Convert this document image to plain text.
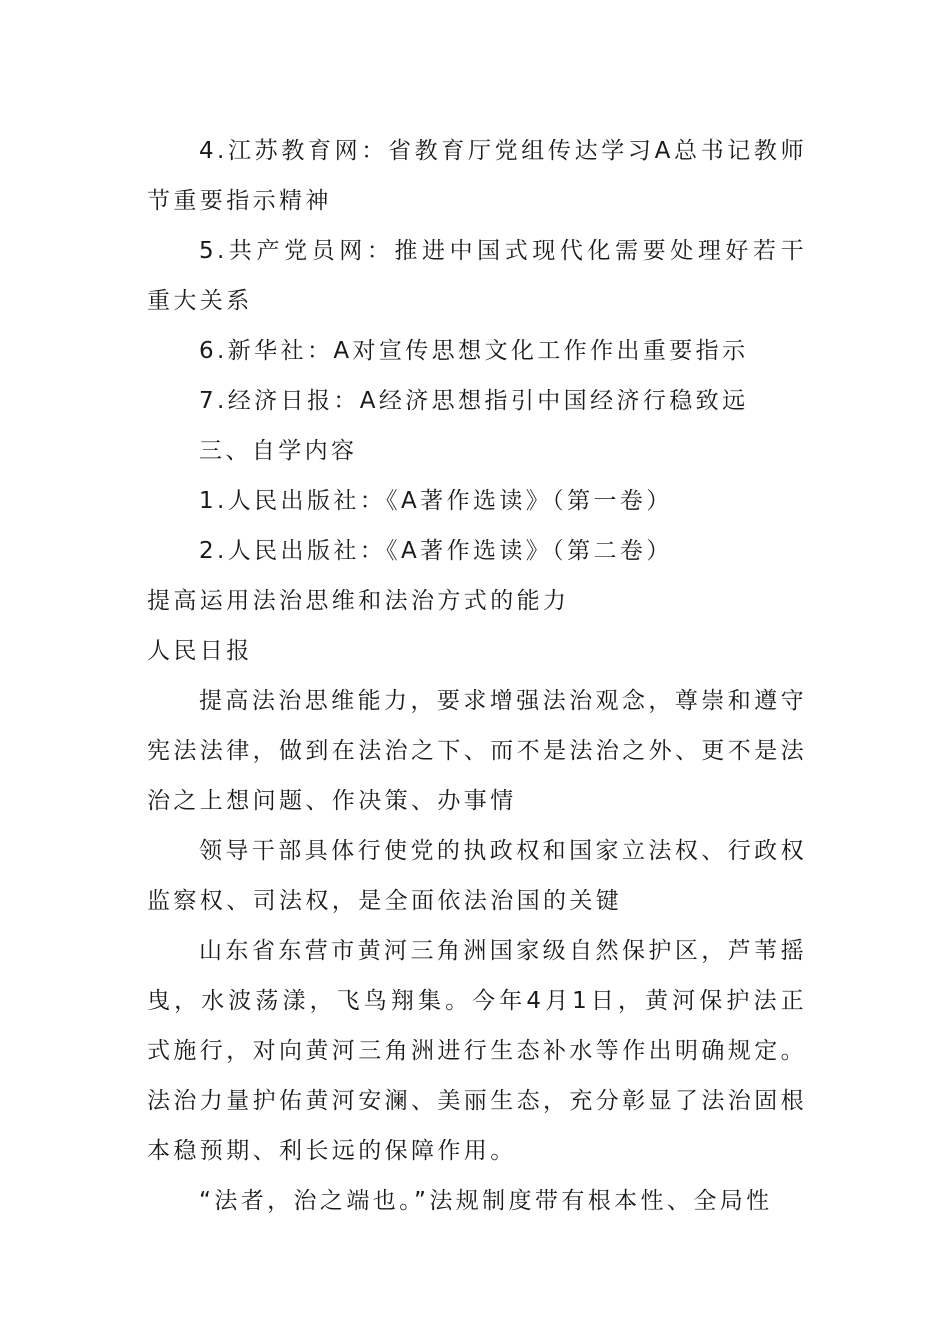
4.江苏教育网：省教育厅党组传达学习A总书记教师节重要指示精神

5.共产党员网：推进中国式现代化需要处理好若干重大关系

6.新华社：A对宣传思想文化工作作出重要指示

7.经济日报：A经济思想指引中国经济行稳致远

三、自学内容

1.人民出版社：《A著作选读》（第一卷）

2.人民出版社：《A著作选读》（第二卷）

提高运用法治思维和法治方式的能力

人民日报

提高法治思维能力，要求增强法治观念，尊崇和遵守宪法法律，做到在法治之下、而不是法治之外、更不是法治之上想问题、作决策、办事情

领导干部具体行使党的执政权和国家立法权、行政权监察权、司法权，是全面依法治国的关键

山东省东营市黄河三角洲国家级自然保护区，芦苇摇曳，水波荡漾，飞鸟翔集。今年4月1日，黄河保护法正式施行，对向黄河三角洲进行生态补水等作出明确规定。法治力量护佑黄河安澜、美丽生态，充分彰显了法治固根本稳预期、利长远的保障作用。

“法者，治之端也。”法规制度带有根本性、全局性
